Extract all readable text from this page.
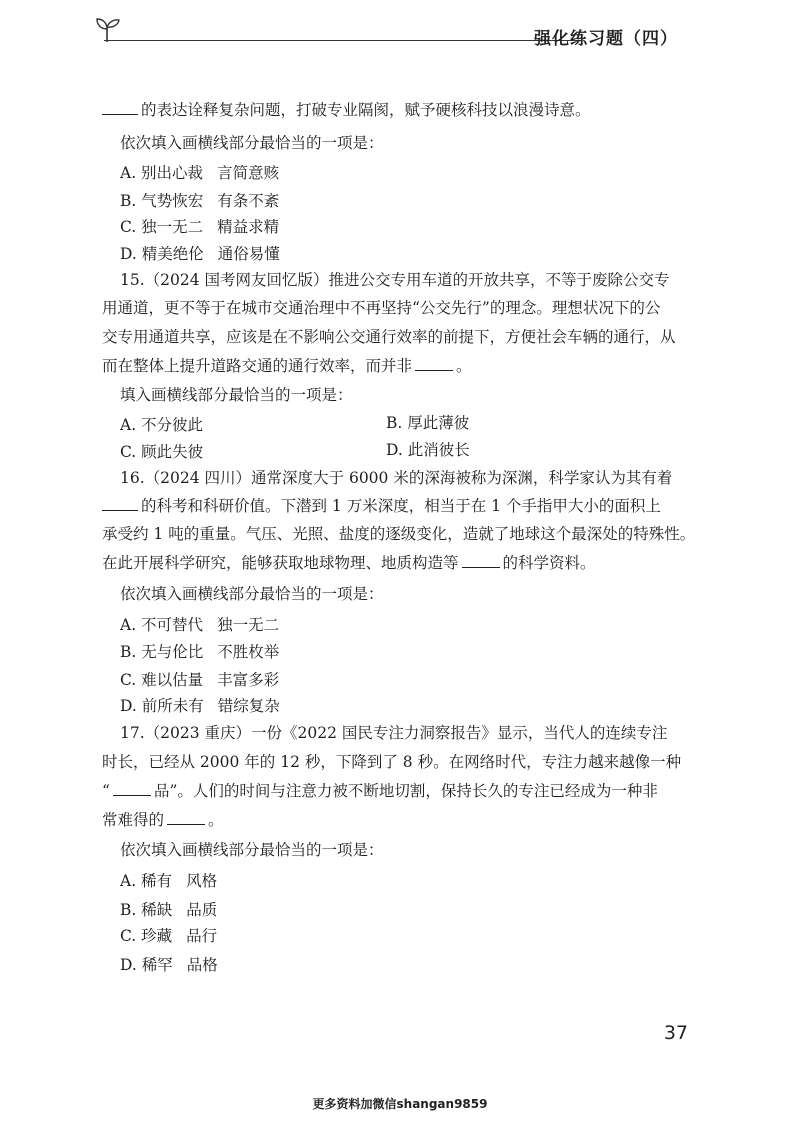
强化练习题（四）
的表达诠释复杂问题，打破专业隔阂，赋予硬核科技以浪漫诗意。
依次填入画横线部分最恰当的一项是：
A. 别出心裁 言简意赅
B. 气势恢宏 有条不紊
C. 独一无二 精益求精
D. 精美绝伦 通俗易懂
15.（2024 国考网友回忆版）推进公交专用车道的开放共享，不等于废除公交专
用通道，更不等于在城市交通治理中不再坚持“公交先行”的理念。理想状况下的公
交专用通道共享，应该是在不影响公交通行效率的前提下，方便社会车辆的通行，从
而在整体上提升道路交通的通行效率，而并非	。
填入画横线部分最恰当的一项是：
A. 不分彼此	B. 厚此薄彼
C. 顾此失彼	D. 此消彼长
16.（2024 四川）通常深度大于 6000 米的深海被称为深渊，科学家认为其有着
的科考和科研价值。下潜到 1 万米深度，相当于在 1 个手指甲大小的面积上
承受约 1 吨的重量。气压、光照、盐度的逐级变化，造就了地球这个最深处的特殊性。
在此开展科学研究，能够获取地球物理、地质构造等	的科学资料。
依次填入画横线部分最恰当的一项是：
A. 不可替代 独一无二
B. 无与伦比 不胜枚举
C. 难以估量 丰富多彩
D. 前所未有 错综复杂
17.（2023 重庆）一份《2022 国民专注力洞察报告》显示，当代人的连续专注
时长，已经从 2000 年的 12 秒，下降到了 8 秒。在网络时代，专注力越来越像一种
“	品”。人们的时间与注意力被不断地切割，保持长久的专注已经成为一种非
常难得的	。
依次填入画横线部分最恰当的一项是：
A. 稀有 风格
B. 稀缺 品质
C. 珍藏 品行
D. 稀罕 品格
37
更多资料加微信shangan9859
